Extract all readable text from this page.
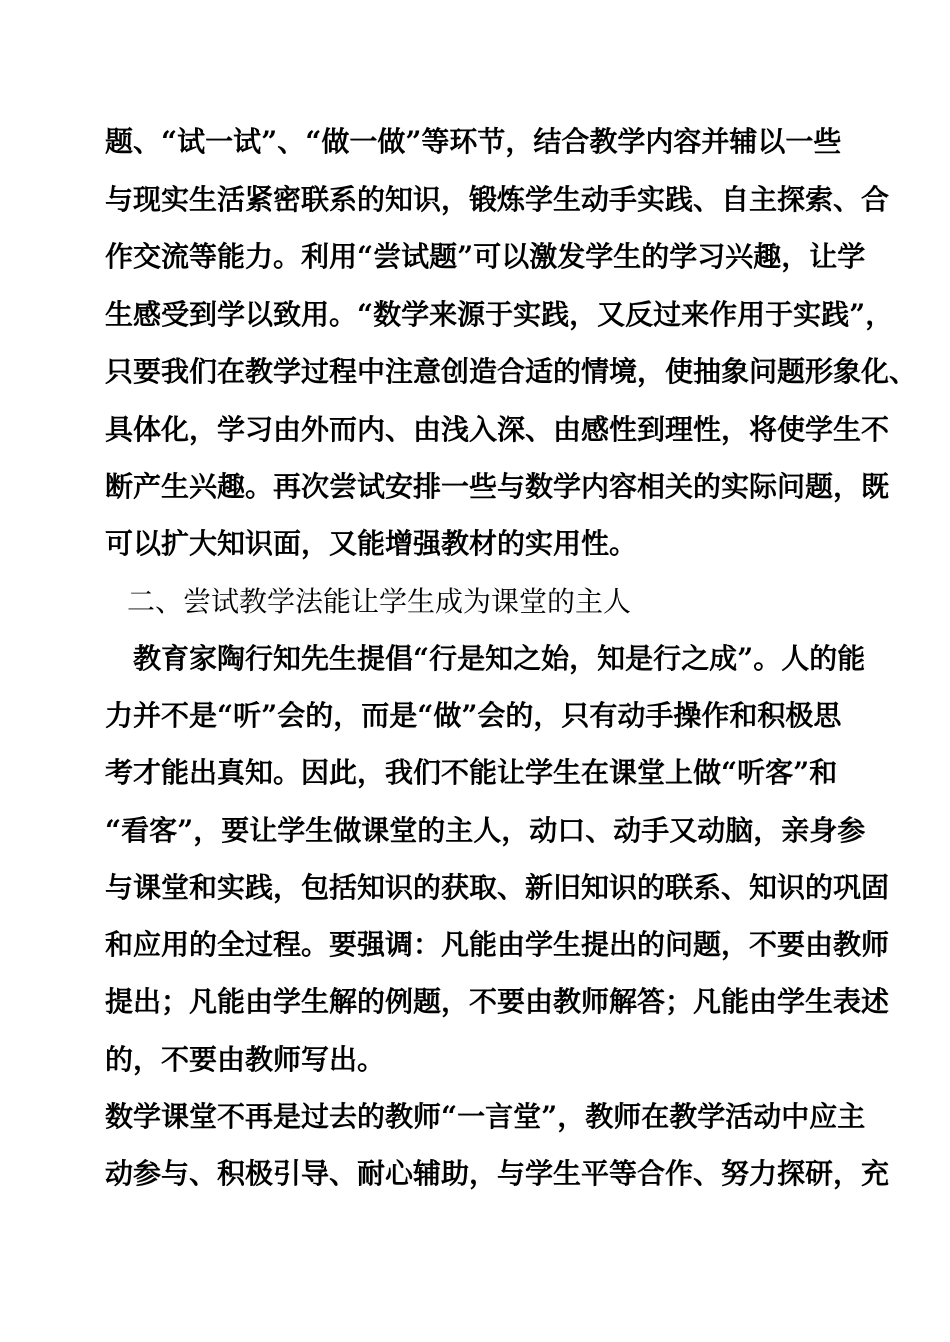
题、“试一试”、“做一做”等环节，结合教学内容并辅以一些
与现实生活紧密联系的知识，锻炼学生动手实践、自主探索、合
作交流等能力。利用“尝试题”可以激发学生的学习兴趣，让学
生感受到学以致用。“数学来源于实践，又反过来作用于实践”，
只要我们在教学过程中注意创造合适的情境，使抽象问题形象化、
具体化，学习由外而内、由浅入深、由感性到理性，将使学生不
断产生兴趣。再次尝试安排一些与数学内容相关的实际问题，既
可以扩大知识面，又能增强教材的实用性。
二、尝试教学法能让学生成为课堂的主人
教育家陶行知先生提倡“行是知之始，知是行之成”。人的能
力并不是“听”会的，而是“做”会的，只有动手操作和积极思
考才能出真知。因此，我们不能让学生在课堂上做“听客”和
“看客”，要让学生做课堂的主人，动口、动手又动脑，亲身参
与课堂和实践，包括知识的获取、新旧知识的联系、知识的巩固
和应用的全过程。要强调：凡能由学生提出的问题，不要由教师
提出；凡能由学生解的例题，不要由教师解答；凡能由学生表述
的，不要由教师写出。
数学课堂不再是过去的教师“一言堂”，教师在教学活动中应主
动参与、积极引导、耐心辅助，与学生平等合作、努力探研，充
